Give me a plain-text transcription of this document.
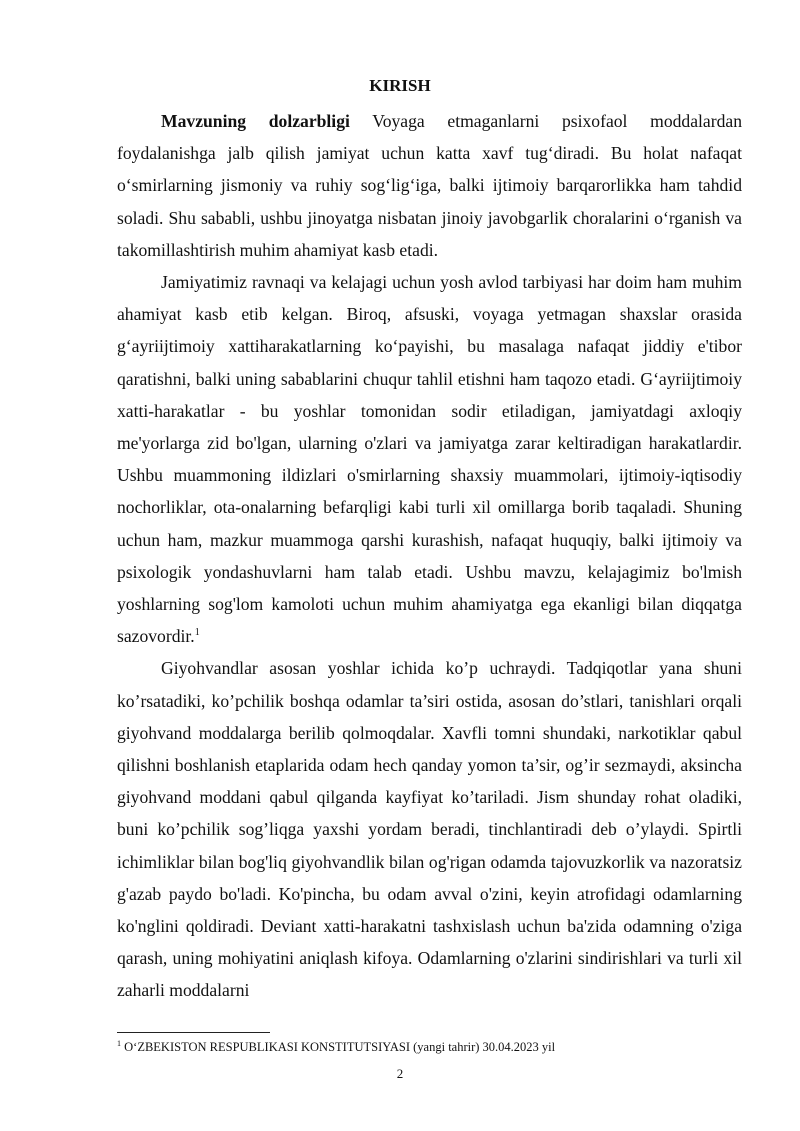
KIRISH

Mavzuning dolzarbligi Voyaga etmaganlarni psixofaol moddalardan foydalanishga jalb qilish jamiyat uchun katta xavf tug‘diradi. Bu holat nafaqat o‘smirlarning jismoniy va ruhiy sog‘lig‘iga, balki ijtimoiy barqarorlikka ham tahdid soladi. Shu sababli, ushbu jinoyatga nisbatan jinoiy javobgarlik choralarini o‘rganish va takomillashtirish muhim ahamiyat kasb etadi.

Jamiyatimiz ravnaqi va kelajagi uchun yosh avlod tarbiyasi har doim ham muhim ahamiyat kasb etib kelgan. Biroq, afsuski, voyaga yetmagan shaxslar orasida g‘ayriijtimoiy xattiharakatlarning ko‘payishi, bu masalaga nafaqat jiddiy e'tibor qaratishni, balki uning sabablarini chuqur tahlil etishni ham taqozo etadi. G‘ayriijtimoiy xatti-harakatlar - bu yoshlar tomonidan sodir etiladigan, jamiyatdagi axloqiy me'yorlarga zid bo'lgan, ularning o'zlari va jamiyatga zarar keltiradigan harakatlardir. Ushbu muammoning ildizlari o'smirlarning shaxsiy muammolari, ijtimoiy-iqtisodiy nochorliklar, ota-onalarning befarqligi kabi turli xil omillarga borib taqaladi. Shuning uchun ham, mazkur muammoga qarshi kurashish, nafaqat huquqiy, balki ijtimoiy va psixologik yondashuvlarni ham talab etadi. Ushbu mavzu, kelajagimiz bo'lmish yoshlarning sog'lom kamoloti uchun muhim ahamiyatga ega ekanligi bilan diqqatga sazovordir.$^1$

Giyohvandlar asosan yoshlar ichida ko’p uchraydi. Tadqiqotlar yana shuni ko’rsatadiki, ko’pchilik boshqa odamlar ta’siri ostida, asosan do’stlari, tanishlari orqali giyohvand moddalarga berilib qolmoqdalar. Xavfli tomni shundaki, narkotiklar qabul qilishni boshlanish etaplarida odam hech qanday yomon ta’sir, og’ir sezmaydi, aksincha giyohvand moddani qabul qilganda kayfiyat ko’tariladi. Jism shunday rohat oladiki, buni ko’pchilik sog’liqga yaxshi yordam beradi, tinchlantiradi deb o’ylaydi. Spirtli ichimliklar bilan bog'liq giyohvandlik bilan og'rigan odamda tajovuzkorlik va nazoratsiz g'azab paydo bo'ladi. Ko'pincha, bu odam avval o'zini, keyin atrofidagi odamlarning ko'nglini qoldiradi. Deviant xatti-harakatni tashxislash uchun ba'zida odamning o'ziga qarash, uning mohiyatini aniqlash kifoya. Odamlarning o'zlarini sindirishlari va turli xil zaharli moddalarni

$^1$ O‘ZBEKISTON RESPUBLIKASI KONSTITUTSIYASI (yangi tahrir) 30.04.2023 yil
2
